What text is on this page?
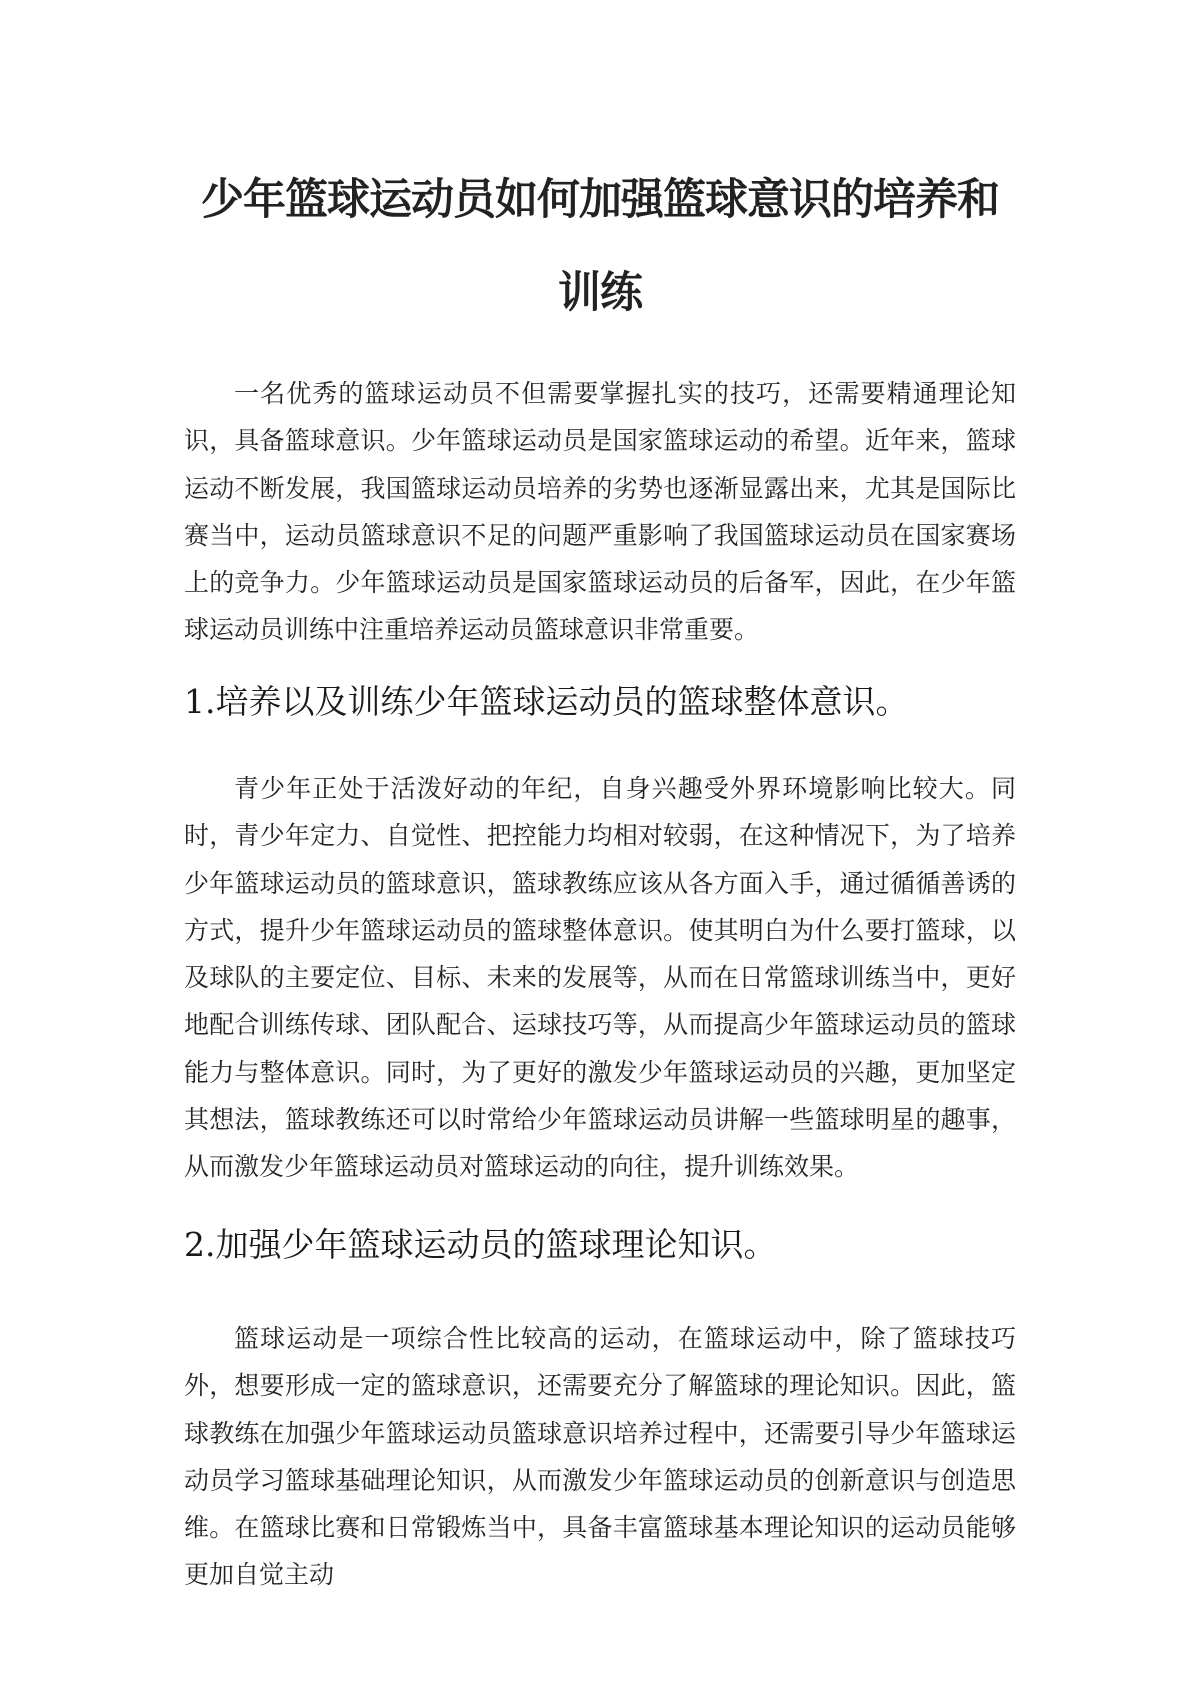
少年篮球运动员如何加强篮球意识的培养和
训练

一名优秀的篮球运动员不但需要掌握扎实的技巧，还需要精通理论知识，具备篮球意识。少年篮球运动员是国家篮球运动的希望。近年来，篮球运动不断发展，我国篮球运动员培养的劣势也逐渐显露出来，尤其是国际比赛当中，运动员篮球意识不足的问题严重影响了我国篮球运动员在国家赛场上的竞争力。少年篮球运动员是国家篮球运动员的后备军，因此，在少年篮球运动员训练中注重培养运动员篮球意识非常重要。

1.培养以及训练少年篮球运动员的篮球整体意识。

青少年正处于活泼好动的年纪，自身兴趣受外界环境影响比较大。同时，青少年定力、自觉性、把控能力均相对较弱，在这种情况下，为了培养少年篮球运动员的篮球意识，篮球教练应该从各方面入手，通过循循善诱的方式，提升少年篮球运动员的篮球整体意识。使其明白为什么要打篮球，以及球队的主要定位、目标、未来的发展等，从而在日常篮球训练当中，更好地配合训练传球、团队配合、运球技巧等，从而提高少年篮球运动员的篮球能力与整体意识。同时，为了更好的激发少年篮球运动员的兴趣，更加坚定其想法，篮球教练还可以时常给少年篮球运动员讲解一些篮球明星的趣事，从而激发少年篮球运动员对篮球运动的向往，提升训练效果。

2.加强少年篮球运动员的篮球理论知识。

篮球运动是一项综合性比较高的运动，在篮球运动中，除了篮球技巧外，想要形成一定的篮球意识，还需要充分了解篮球的理论知识。因此，篮球教练在加强少年篮球运动员篮球意识培养过程中，还需要引导少年篮球运动员学习篮球基础理论知识，从而激发少年篮球运动员的创新意识与创造思维。在篮球比赛和日常锻炼当中，具备丰富篮球基本理论知识的运动员能够更加自觉主动
